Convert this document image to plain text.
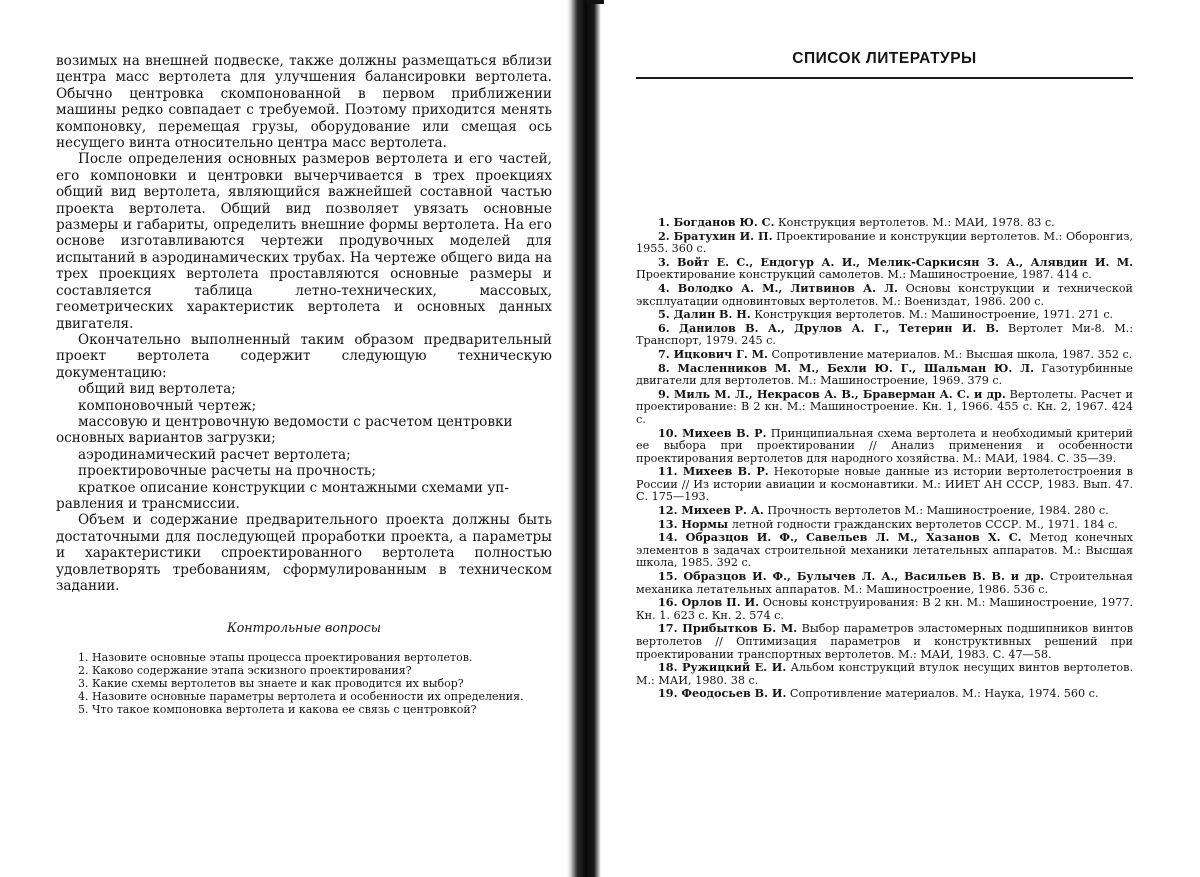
возимых на внешней подвеске, также должны размещаться вблизи центра масс вертолета для улучшения балансировки вертолета. Обычно центровка скомпонованной в первом приближении машины редко совпадает с требуемой. Поэтому приходится менять компоновку, перемещая грузы, оборудование или смещая ось несущего винта относительно центра масс вертолета.

После определения основных размеров вертолета и его частей, его компоновки и центровки вычерчивается в трех проекциях общий вид вертолета, являющийся важнейшей составной частью проекта вертолета. Общий вид позволяет увязать основные размеры и габариты, определить внешние формы вертолета. На его основе изготавливаются чертежи продувочных моделей для испытаний в аэродинамических трубах. На чертеже общего вида на трех проекциях вертолета проставляются основные размеры и составляется таблица летно-технических, массовых, геометрических характеристик вертолета и основных данных двигателя.

Окончательно выполненный таким образом предварительный проект вертолета содержит следующую техническую документацию:

общий вид вертолета;

компоновочный чертеж;

массовую и центровочную ведомости с расчетом центровки

основных вариантов загрузки;

аэродинамический расчет вертолета;

проектировочные расчеты на прочность;

краткое описание конструкции с монтажными схемами уп-

равления и трансмиссии.

Объем и содержание предварительного проекта должны быть достаточными для последующей проработки проекта, а параметры и характеристики спроектированного вертолета полностью удовлетворять требованиям, сформулированным в техническом задании.

Контрольные вопросы

1. Назовите основные этапы процесса проектирования вертолетов.

2. Каково содержание этапа эскизного проектирования?

3. Какие схемы вертолетов вы знаете и как проводится их выбор?

4. Назовите основные параметры вертолета и особенности их определения.

5. Что такое компоновка вертолета и какова ее связь с центровкой?

СПИСОК ЛИТЕРАТУРЫ

1. Богданов Ю. С. Конструкция вертолетов. М.: МАИ, 1978. 83 с.

2. Братухин И. П. Проектирование и конструкции вертолетов. М.: Оборонгиз, 1955. 360 с.

3. Войт Е. С., Ендогур А. И., Мелик-Саркисян З. А., Алявдин И. М. Проектирование конструкций самолетов. М.: Машиностроение, 1987. 414 с.

4. Володко А. М., Литвинов А. Л. Основы конструкции и технической эксплуатации одновинтовых вертолетов. М.: Воениздат, 1986. 200 с.

5. Далин В. Н. Конструкция вертолетов. М.: Машиностроение, 1971. 271 с.

6. Данилов В. А., Друлов А. Г., Тетерин И. В. Вертолет Ми-8. М.: Транспорт, 1979. 245 с.

7. Ицкович Г. М. Сопротивление материалов. М.: Высшая школа, 1987. 352 с.

8. Масленников М. М., Бехли Ю. Г., Шальман Ю. Л. Газотурбинные двигатели для вертолетов. М.: Машиностроение, 1969. 379 с.

9. Миль М. Л., Некрасов А. В., Браверман А. С. и др. Вертолеты. Расчет и проектирование: В 2 кн. М.: Машиностроение. Кн. 1, 1966. 455 с. Кн. 2, 1967. 424 с.

10. Михеев В. Р. Принципиальная схема вертолета и необходимый критерий ее выбора при проектировании // Анализ применения и особенности проектирования вертолетов для народного хозяйства. М.: МАИ, 1984. С. 35—39.

11. Михеев В. Р. Некоторые новые данные из истории вертолетостроения в России // Из истории авиации и космонавтики. М.: ИИЕТ АН СССР, 1983. Вып. 47. С. 175—193.

12. Михеев Р. А. Прочность вертолетов М.: Машиностроение, 1984. 280 с.

13. Нормы летной годности гражданских вертолетов СССР. М., 1971. 184 с.

14. Образцов И. Ф., Савельев Л. М., Хазанов Х. С. Метод конечных элементов в задачах строительной механики летательных аппаратов. М.: Высшая школа, 1985. 392 с.

15. Образцов И. Ф., Булычев Л. А., Васильев В. В. и др. Строительная механика летательных аппаратов. М.: Машиностроение, 1986. 536 с.

16. Орлов П. И. Основы конструирования: В 2 кн. М.: Машиностроение, 1977. Кн. 1. 623 с. Кн. 2. 574 с.

17. Прибытков Б. М. Выбор параметров эластомерных подшипников винтов вертолетов // Оптимизация параметров и конструктивных решений при проектировании транспортных вертолетов. М.: МАИ, 1983. С. 47—58.

18. Ружицкий Е. И. Альбом конструкций втулок несущих винтов вертолетов. М.: МАИ, 1980. 38 с.

19. Феодосьев В. И. Сопротивление материалов. М.: Наука, 1974. 560 с.
